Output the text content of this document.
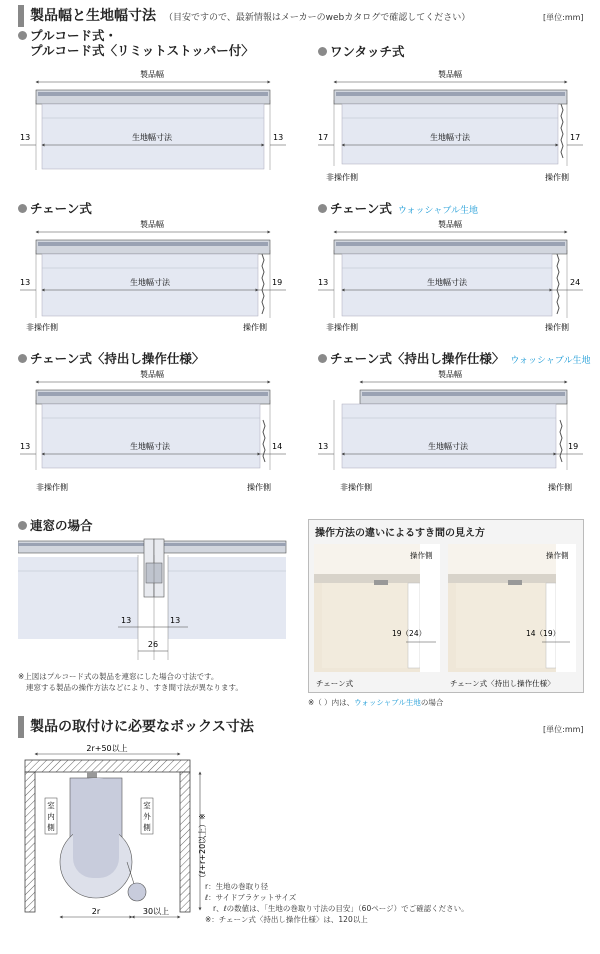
製品幅と生地幅寸法 （目安ですので、最新情報はメーカーのwebカタログで確認してください）	[単位:mm]
プルコード式・
プルコード式〈リミットストッパー付〉	ワンタッチ式
チェーン式	チェーン式 ウォッシャブル生地
チェーン式〈持出し操作仕様〉	チェーン式〈持出し操作仕様〉 ウォッシャブル生地
製品幅
生地幅寸法
13	13
製品幅
生地幅寸法
17	17
非操作側	操作側
製品幅
生地幅寸法
13	19
非操作側	操作側
製品幅
生地幅寸法
13	24
非操作側	操作側
製品幅
生地幅寸法
13	14
非操作側	操作側
製品幅
生地幅寸法
13	19
非操作側	操作側
連窓の場合
13	13
26
※上図はプルコード式の製品を連窓にした場合の寸法です。
連窓する製品の操作方法などにより、すき間寸法が異なります。
操作方法の違いによるすき間の見え方
19（24）
操作側
チェーン式
14（19）
操作側
チェーン式〈持出し操作仕様〉
※（ ）内は、ウォッシャブル生地の場合
製品の取付けに必要なボックス寸法	[単位:mm]
2r+50以上
室
内
側
室
外
側	（ℓ+r+20以上）※
2r	30以上
r：生地の巻取り径
ℓ：サイドブラケットサイズ
r、ℓの数値は、「生地の巻取り寸法の目安」（60ページ）でご確認ください。
※：チェーン式〈持出し操作仕様〉は、120以上
